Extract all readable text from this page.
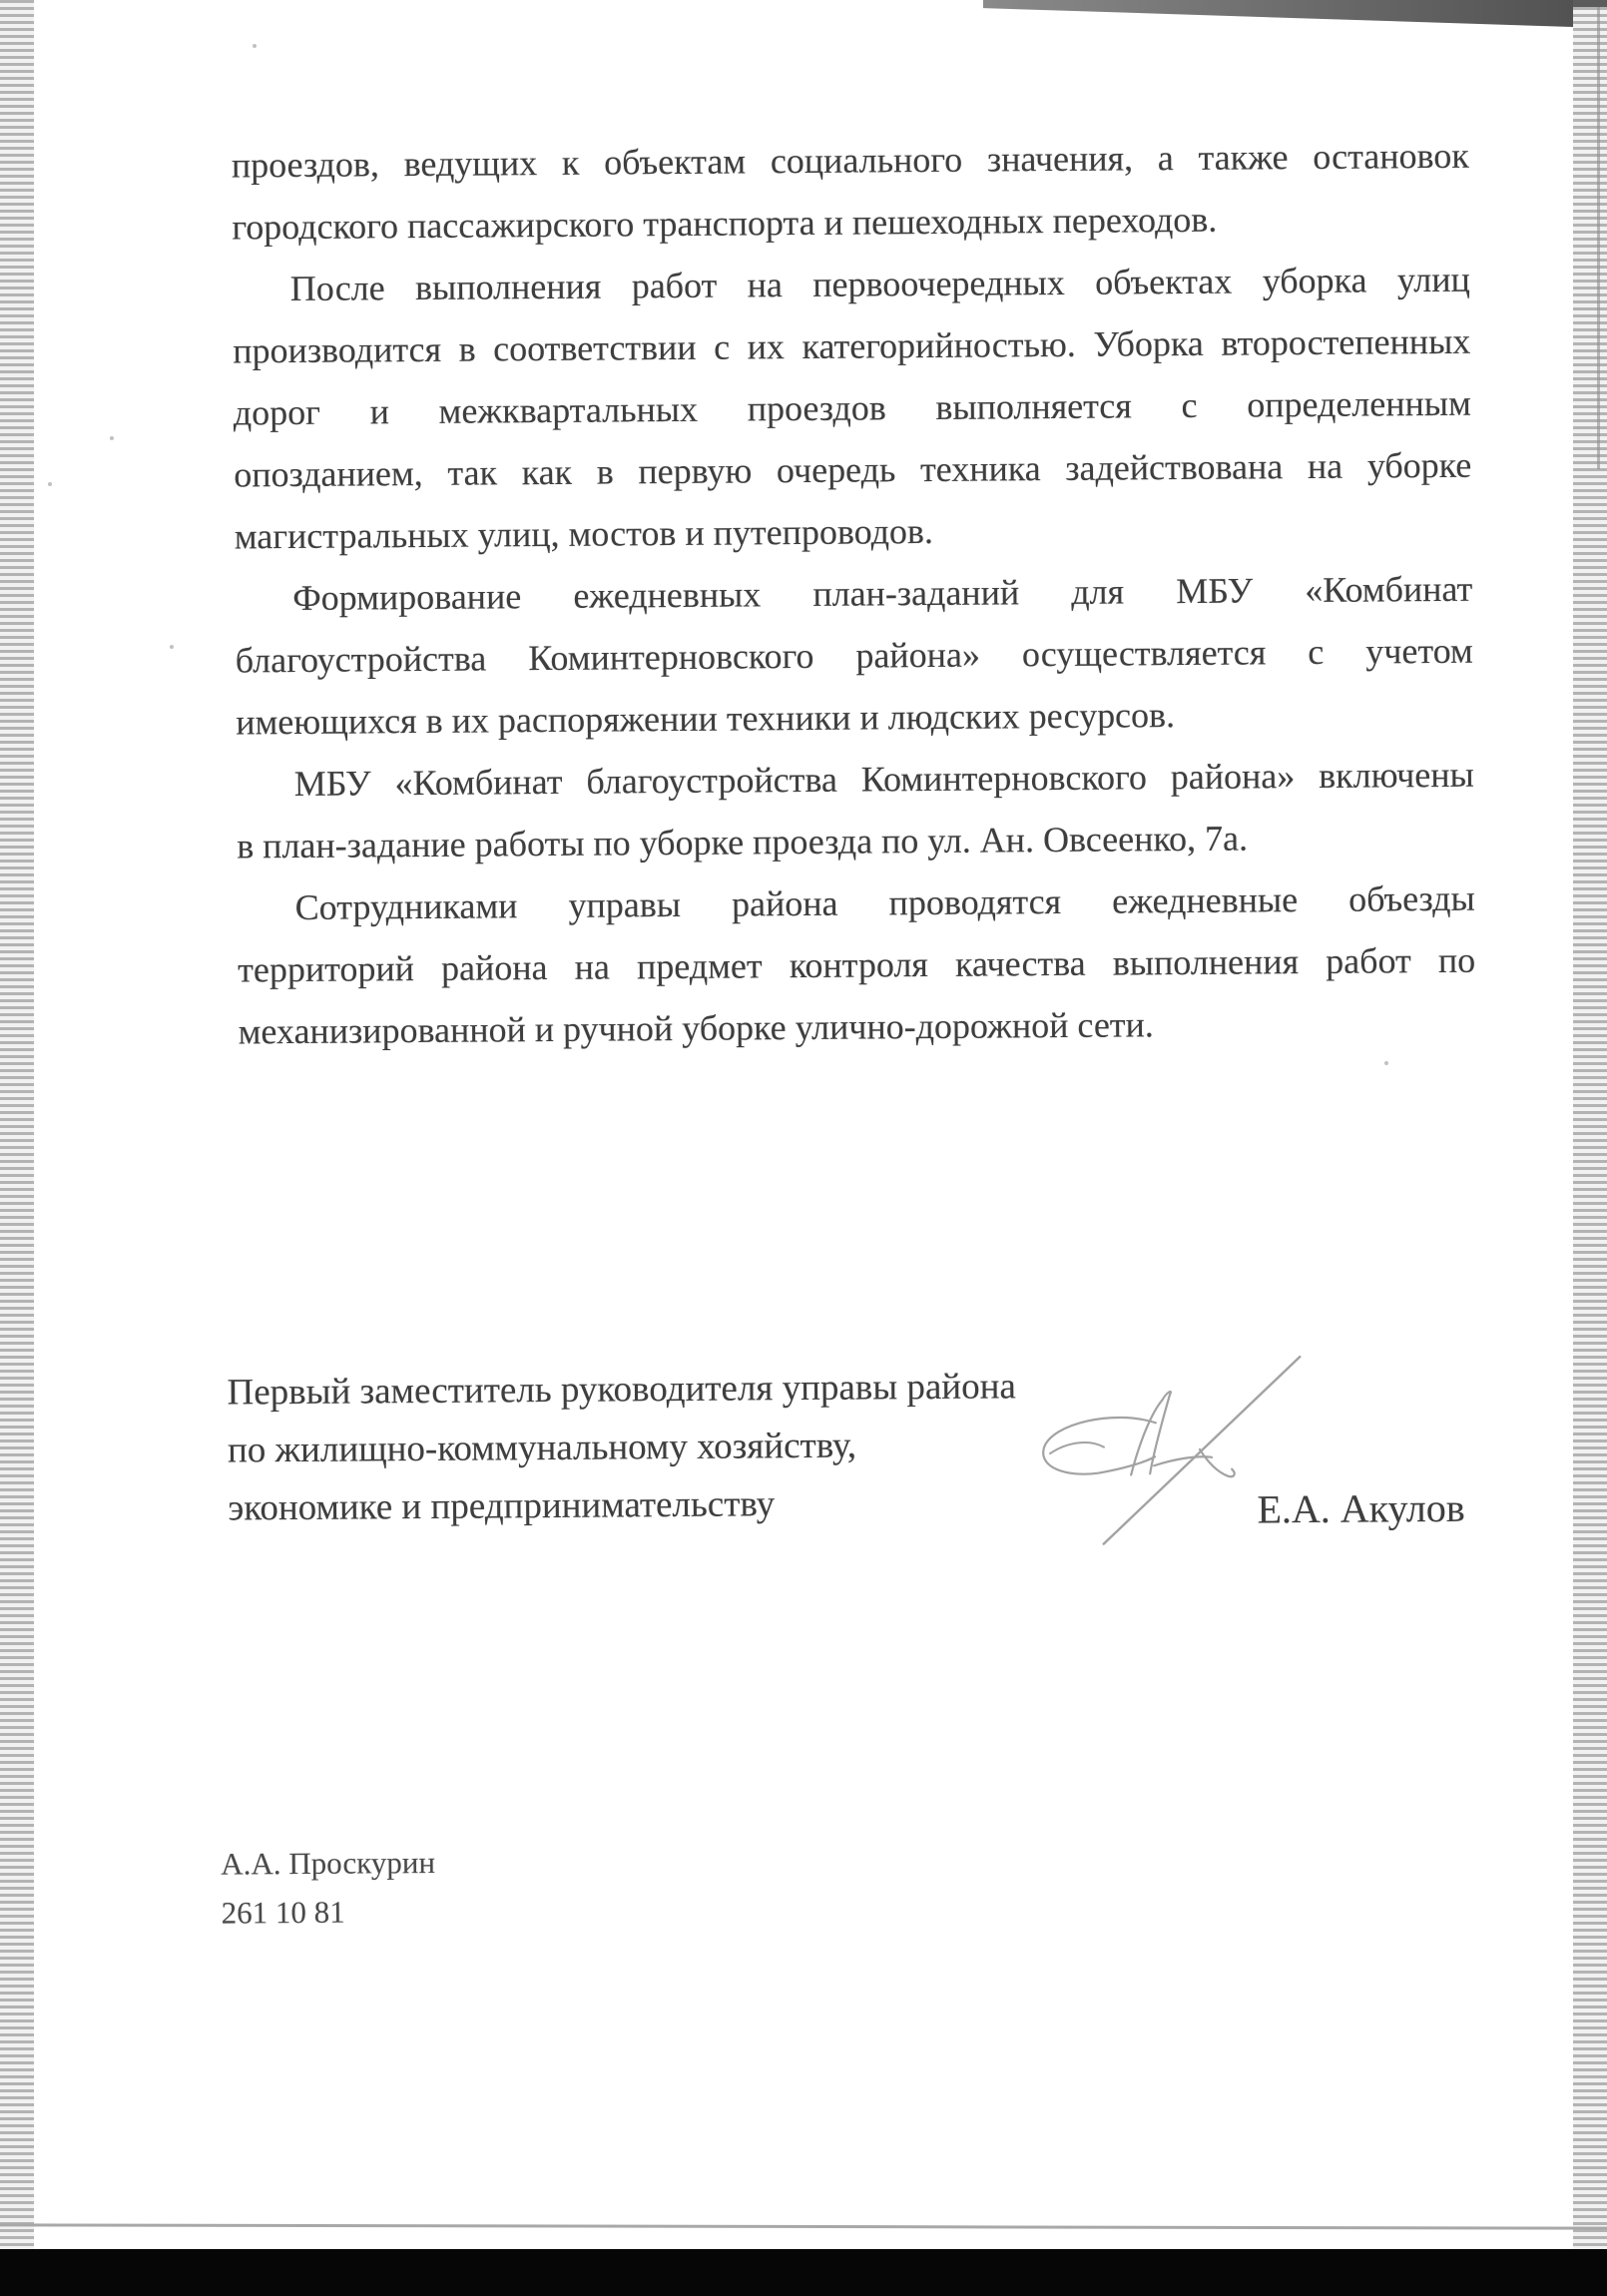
проездов, ведущих к объектам социального значения, а также остановок
городского пассажирского транспорта и пешеходных переходов.
После выполнения работ на первоочередных объектах уборка улиц
производится в соответствии с их категорийностью. Уборка второстепенных
дорог и межквартальных проездов выполняется с определенным
опозданием, так как в первую очередь техника задействована на уборке
магистральных улиц, мостов и путепроводов.
Формирование ежедневных план-заданий для МБУ «Комбинат
благоустройства Коминтерновского района» осуществляется с учетом
имеющихся в их распоряжении техники и людских ресурсов.
МБУ «Комбинат благоустройства Коминтерновского района» включены
в план-задание работы по уборке проезда по ул. Ан. Овсеенко, 7а.
Сотрудниками управы района проводятся ежедневные объезды
территорий района на предмет контроля качества выполнения работ по
механизированной и ручной уборке улично-дорожной сети.
Первый заместитель руководителя управы района
по жилищно-коммунальному хозяйству,
экономике и предпринимательству	Е.А. Акулов
А.А. Проскурин
261 10 81
